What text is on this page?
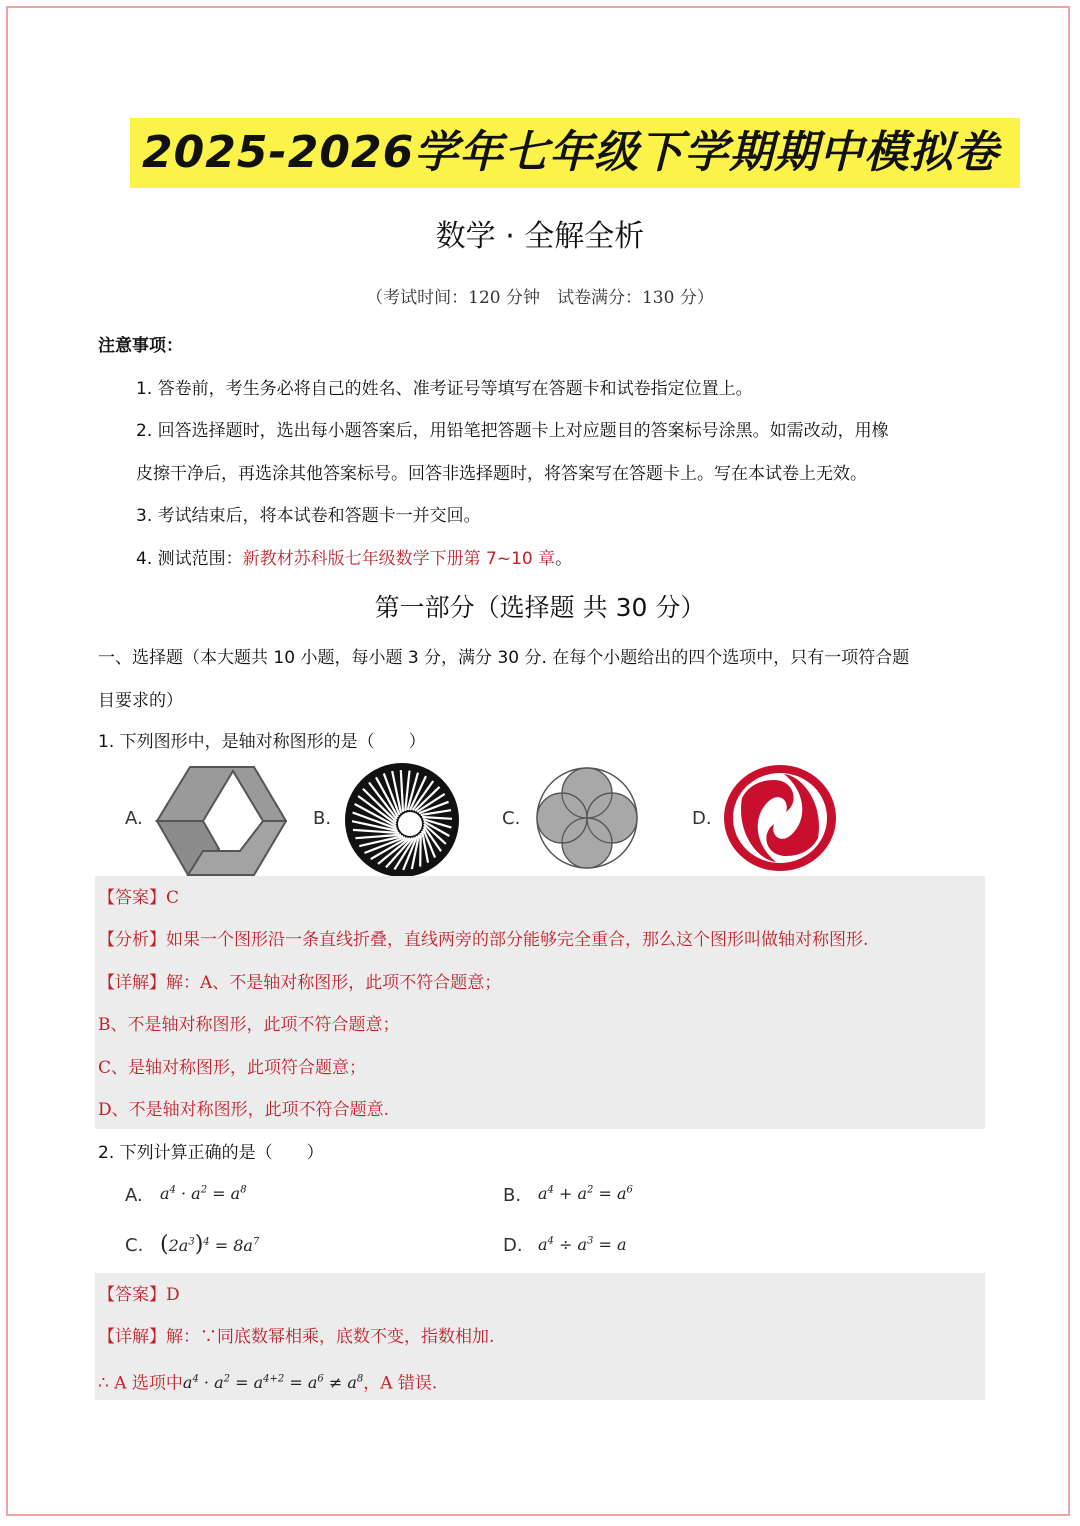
2025-2026学年七年级下学期期中模拟卷
数学 · 全解全析
（考试时间：120 分钟　试卷满分：130 分）
注意事项：
1. 答卷前，考生务必将自己的姓名、准考证号等填写在答题卡和试卷指定位置上。
2. 回答选择题时，选出每小题答案后，用铅笔把答题卡上对应题目的答案标号涂黑。如需改动，用橡
皮擦干净后，再选涂其他答案标号。回答非选择题时，将答案写在答题卡上。写在本试卷上无效。
3. 考试结束后，将本试卷和答题卡一并交回。
4. 测试范围：新教材苏科版七年级数学下册第 7~10 章。
第一部分（选择题 共 30 分）
一、选择题（本大题共 10 小题，每小题 3 分，满分 30 分. 在每个小题给出的四个选项中，只有一项符合题
目要求的）
1. 下列图形中，是轴对称图形的是（　　）
A.	B.	C.	D.
【答案】C
【分析】如果一个图形沿一条直线折叠，直线两旁的部分能够完全重合，那么这个图形叫做轴对称图形.
【详解】解：A、不是轴对称图形，此项不符合题意；
B、不是轴对称图形，此项不符合题意；
C、是轴对称图形，此项符合题意；
D、不是轴对称图形，此项不符合题意.
2. 下列计算正确的是（　　）
A. $a^4 \cdot a^2 = a^8$	B. $a^4 + a^2 = a^6$
C. $(2a^3)^4 = 8a^7$	D. $a^4 \div a^3 = a$
【答案】D
【详解】解：∵同底数幂相乘，底数不变，指数相加.
∴ A 选项中$a^4 \cdot a^2 = a^{4+2} = a^6 \ne a^8$，A 错误.
